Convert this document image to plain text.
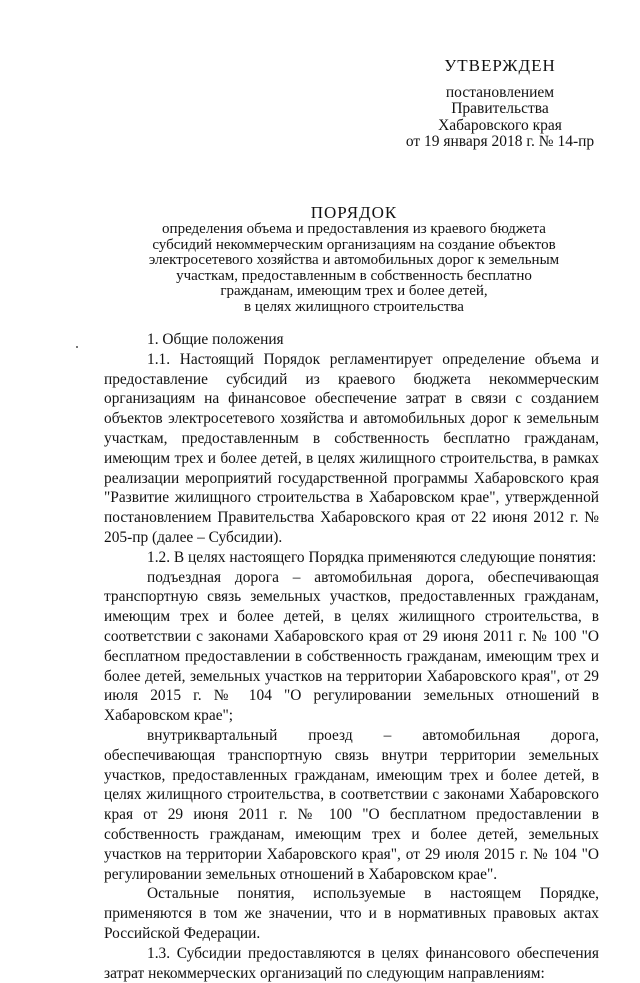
УТВЕРЖДЕН
постановлением
Правительства
Хабаровского края
от 19 января 2018 г. № 14-пр
ПОРЯДОК
определения объема и предоставления из краевого бюджета
субсидий некоммерческим организациям на создание объектов
электросетевого хозяйства и автомобильных дорог к земельным
участкам, предоставленным в собственность бесплатно
гражданам, имеющим трех и более детей,
в целях жилищного строительства

1. Общие положения

1.1. Настоящий Порядок регламентирует определение объема и предоставление субсидий из краевого бюджета некоммерческим организациям на финансовое обеспечение затрат в связи с созданием объектов электросетевого хозяйства и автомобильных дорог к земельным участкам, предоставленным в собственность бесплатно гражданам, имеющим трех и более детей, в целях жилищного строительства, в рамках реализации мероприятий государственной программы Хабаровского края "Развитие жилищного строительства в Хабаровском крае", утвержденной постановлением Правительства Хабаровского края от 22 июня 2012 г. № 205-пр (далее – Субсидии).

1.2. В целях настоящего Порядка применяются следующие понятия:

подъездная дорога – автомобильная дорога, обеспечивающая транспортную связь земельных участков, предоставленных гражданам, имеющим трех и более детей, в целях жилищного строительства, в соответствии с законами Хабаровского края от 29 июня 2011 г. № 100 "О бесплатном предоставлении в собственность гражданам, имеющим трех и более детей, земельных участков на территории Хабаровского края", от 29 июля 2015 г. № 104 "О регулировании земельных отношений в Хабаровском крае";

внутриквартальный проезд – автомобильная дорога, обеспечивающая транспортную связь внутри территории земельных участков, предоставленных гражданам, имеющим трех и более детей, в целях жилищного строительства, в соответствии с законами Хабаровского края от 29 июня 2011 г. № 100 "О бесплатном предоставлении в собственность гражданам, имеющим трех и более детей, земельных участков на территории Хабаровского края", от 29 июля 2015 г. № 104 "О регулировании земельных отношений в Хабаровском крае".

Остальные понятия, используемые в настоящем Порядке, применяются в том же значении, что и в нормативных правовых актах Российской Федерации.

1.3. Субсидии предоставляются в целях финансового обеспечения затрат некоммерческих организаций по следующим направлениям:
